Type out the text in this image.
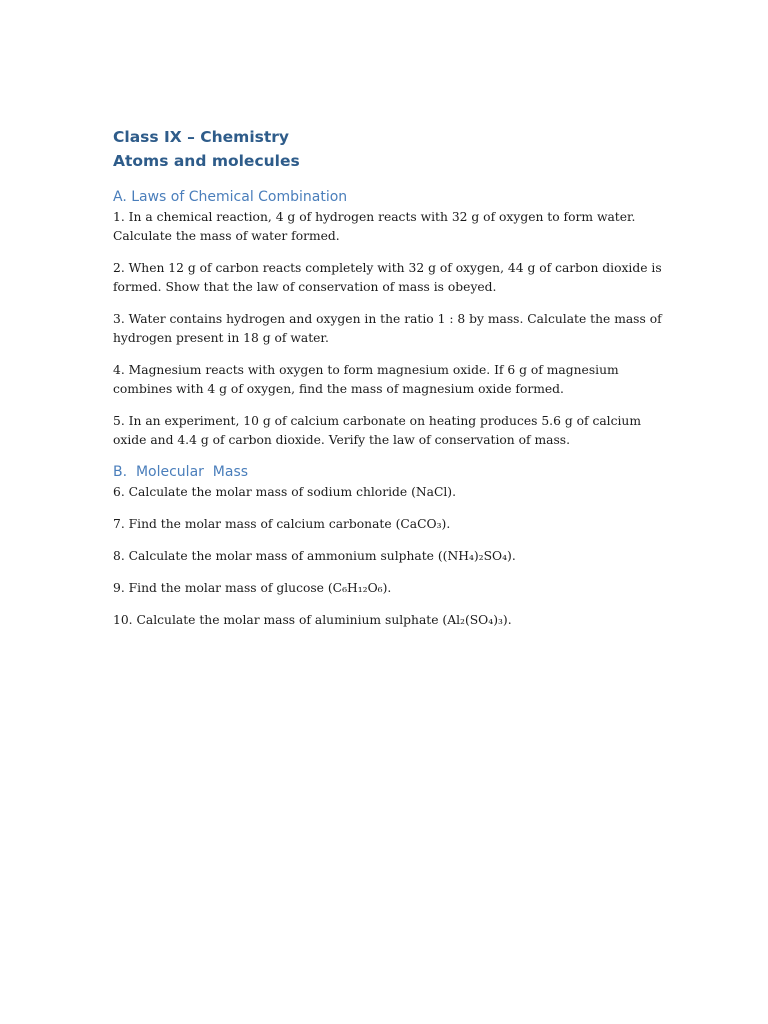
Class IX – Chemistry

Atoms and molecules

A. Laws of Chemical Combination

1. In a chemical reaction, 4 g of hydrogen reacts with 32 g of oxygen to form water. Calculate the mass of water formed.

2. When 12 g of carbon reacts completely with 32 g of oxygen, 44 g of carbon dioxide is formed. Show that the law of conservation of mass is obeyed.

3. Water contains hydrogen and oxygen in the ratio 1 : 8 by mass. Calculate the mass of hydrogen present in 18 g of water.

4. Magnesium reacts with oxygen to form magnesium oxide. If 6 g of magnesium combines with 4 g of oxygen, find the mass of magnesium oxide formed.

5. In an experiment, 10 g of calcium carbonate on heating produces 5.6 g of calcium oxide and 4.4 g of carbon dioxide. Verify the law of conservation of mass.

B.  Molecular  Mass

6. Calculate the molar mass of sodium chloride (NaCl).

7. Find the molar mass of calcium carbonate (CaCO₃).

8. Calculate the molar mass of ammonium sulphate ((NH₄)₂SO₄).

9. Find the molar mass of glucose (C₆H₁₂O₆).

10. Calculate the molar mass of aluminium sulphate (Al₂(SO₄)₃).
